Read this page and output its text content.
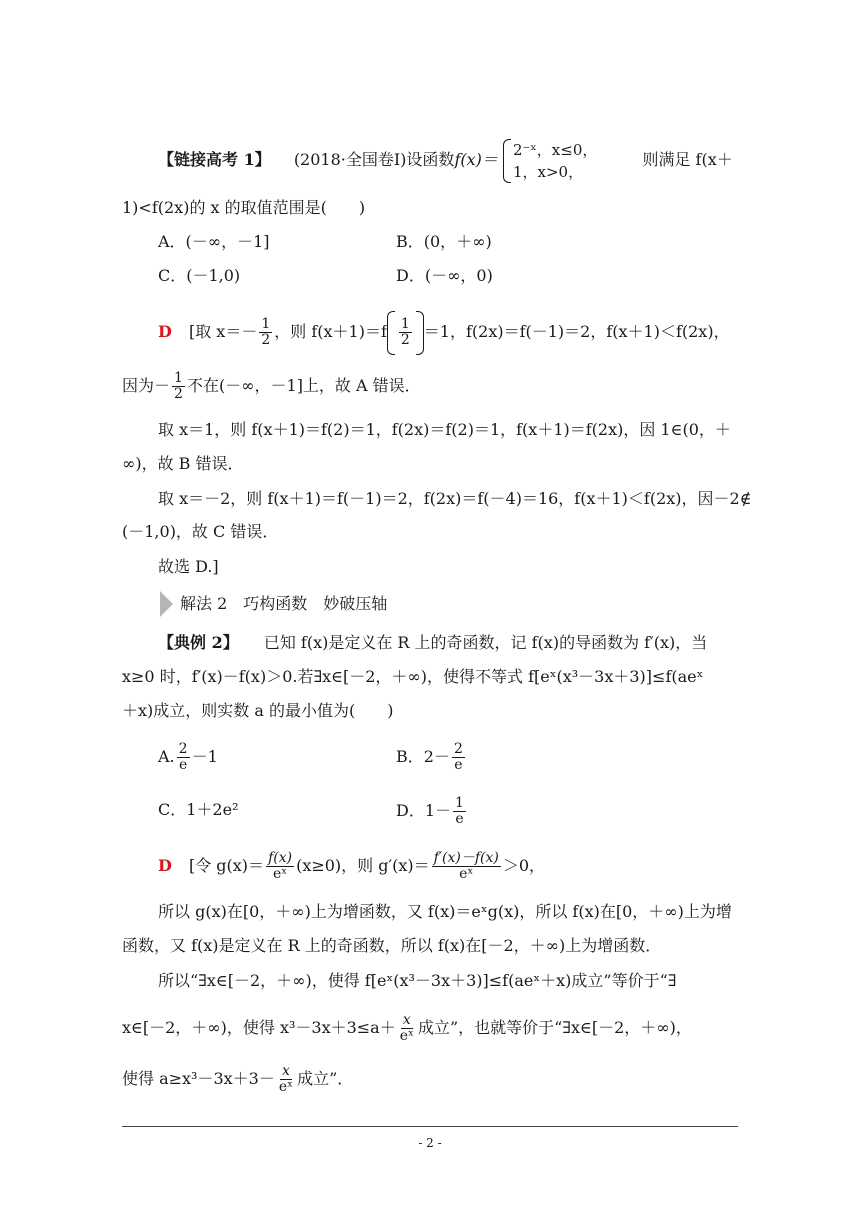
【链接高考 1】 (2018·全国卷Ⅰ)设函数f(x)＝
2⁻ˣ，x≤0，
1，x>0，
则满足 f(x＋
1)<f(2x)的 x 的取值范围是(　　)
A．(－∞，－1]	B．(0，＋∞)
C．(－1,0)	D．(－∞，0)
D [取 $x=- \frac{1}{2}$ ，则 $f(x+1)=f \frac{1}{2} =1$，f(2x)＝f(－1)＝2，f(x＋1)＜f(2x)，
因为－ $\frac{1}{2}$ 不在(－∞，－1]上，故 A 错误．
取 x＝1，则 f(x＋1)＝f(2)＝1，f(2x)＝f(2)＝1，f(x＋1)＝f(2x)，因 1∈(0，＋
∞)，故 B 错误．
取 x＝－2，则 f(x＋1)＝f(－1)＝2，f(2x)＝f(－4)＝16，f(x＋1)＜f(2x)，因－2∉
(－1,0)，故 C 错误．
故选 D.]
解法 2　巧构函数　妙破压轴
【典例 2】 已知 f(x)是定义在 R 上的奇函数，记 f(x)的导函数为 f′(x)，当
x≥0 时，f′(x)－f(x)＞0.若∃x∈[－2，＋∞)，使得不等式 f[eˣ(x³－3x＋3)]≤f(aeˣ
＋x)成立，则实数 a 的最小值为(　　)
A. $\frac{2}{e} -1$	B．$2- \frac{2}{e}$
C．1＋2e²	D．$1- \frac{1}{e}$
D [令 $g(x)= \frac{f(x)}{\text{eˣ}} (x\ge 0)$，则 $g'(x)= \frac{f'(x)-f(x)}{\text{eˣ}} >0$，
所以 g(x)在[0，＋∞)上为增函数，又 f(x)＝eˣg(x)，所以 f(x)在[0，＋∞)上为增
函数，又 f(x)是定义在 R 上的奇函数，所以 f(x)在[－2，＋∞)上为增函数．
所以“∃x∈[－2，＋∞)，使得 f[eˣ(x³－3x＋3)]≤f(aeˣ＋x)成立”等价于“∃
x∈[－2，＋∞)，使得 $x^3-3x+3\le a+ \frac{x}{\text{eˣ}}$ 成立”，也就等价于“∃x∈[－2，＋∞)，
使得 $a\ge x^3-3x+3- \frac{x}{\text{eˣ}}$ 成立”．
- 2 -
